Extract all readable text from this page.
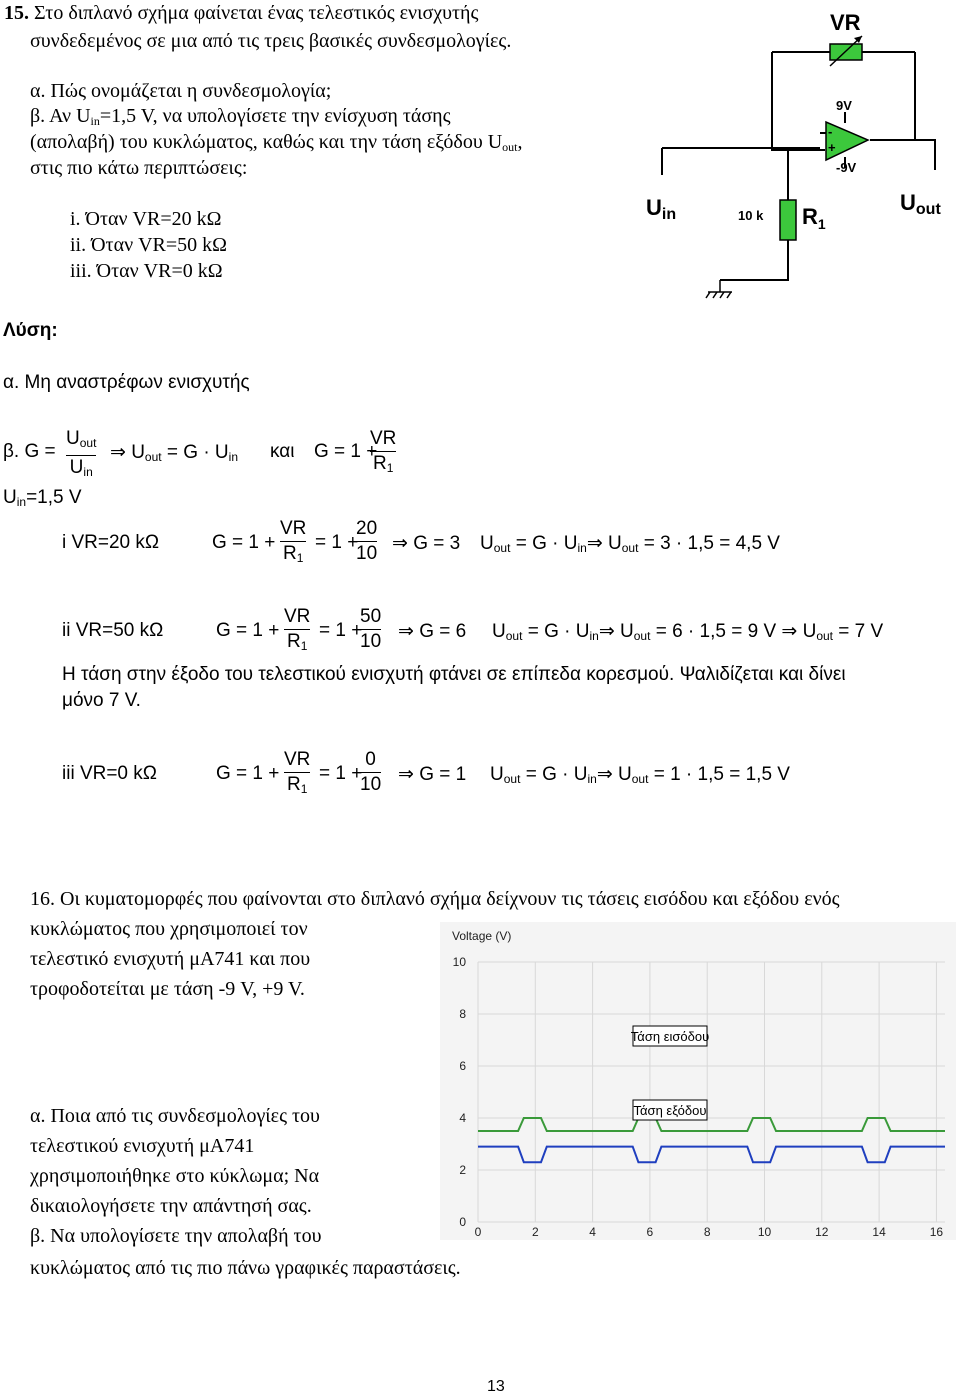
15. Στο διπλανό σχήμα φαίνεται ένας τελεστικός ενισχυτής
συνδεδεμένος σε μια από τις τρεις βασικές συνδεσμολογίες.
α. Πώς ονομάζεται η συνδεσμολογία;
β. Αν $U_{in}=1,5$ V, να υπολογίσετε την ενίσχυση τάσης
(απολαβή) του κυκλώματος, καθώς και την τάση εξόδου $U_{out}$,
στις πιο κάτω περιπτώσεις:
i. Όταν VR=20 kΩ
ii. Όταν VR=50 kΩ
iii. Όταν VR=0 kΩ
VR
9V
-9V
-
+
10 k $R_1$
Uin	Uout
Λύση:
α. Μη αναστρέφων ενισχυτής
β. G =
$U_{out}$
$U_{in}$
⇒ $U_{out} = G \cdot U_{in}$ και G = 1 +
VR
$R_1$
$U_{in}=1,5$ V
i VR=20 kΩ	G = 1 +
VR
$R_1$
= 1 +
20
10 ⇒ G = 3 $U_{out} = G$ · $U_{in}\Rightarrow$ $U_{out} = 3 \cdot 1,5 = 4,5$ V
ii VR=50 kΩ	G = 1 +
VR
$R_1$
= 1 +
50
10 ⇒ G = 6 $U_{out} = G$ · $U_{in}\Rightarrow$ $U_{out} = 6 \cdot 1,5 = 9$ V ⇒ $U_{out} = 7$ V
Η τάση στην έξοδο του τελεστικού ενισχυτή φτάνει σε επίπεδα κορεσμού. Ψαλιδίζεται και δίνει
μόνο 7 V.
iii VR=0 kΩ	G = 1 +
VR
$R_1$
= 1 +
0
10 ⇒ G = 1 $U_{out} = G$ · $U_{in}\Rightarrow$ $U_{out} = 1 \cdot 1,5 = 1,5$ V
16. Οι κυματομορφές που φαίνονται στο διπλανό σχήμα δείχνουν τις τάσεις εισόδου και εξόδου ενός
κυκλώματος που χρησιμοποιεί τον
τελεστικό ενισχυτή μΑ741 και που
τροφοδοτείται με τάση -9 V, +9 V.
α. Ποια από τις συνδεσμολογίες του
τελεστικού ενισχυτή μΑ741
χρησιμοποιήθηκε στο κύκλωμα; Να
δικαιολογήσετε την απάντησή σας.
β. Να υπολογίσετε την απολαβή του
κυκλώματος από τις πιο πάνω γραφικές παραστάσεις.
Voltage (V)
10
8
6
4
2
0
0	2	4	6	8	10	12	14	16
Τάση εισόδου
Τάση εξόδου
13
